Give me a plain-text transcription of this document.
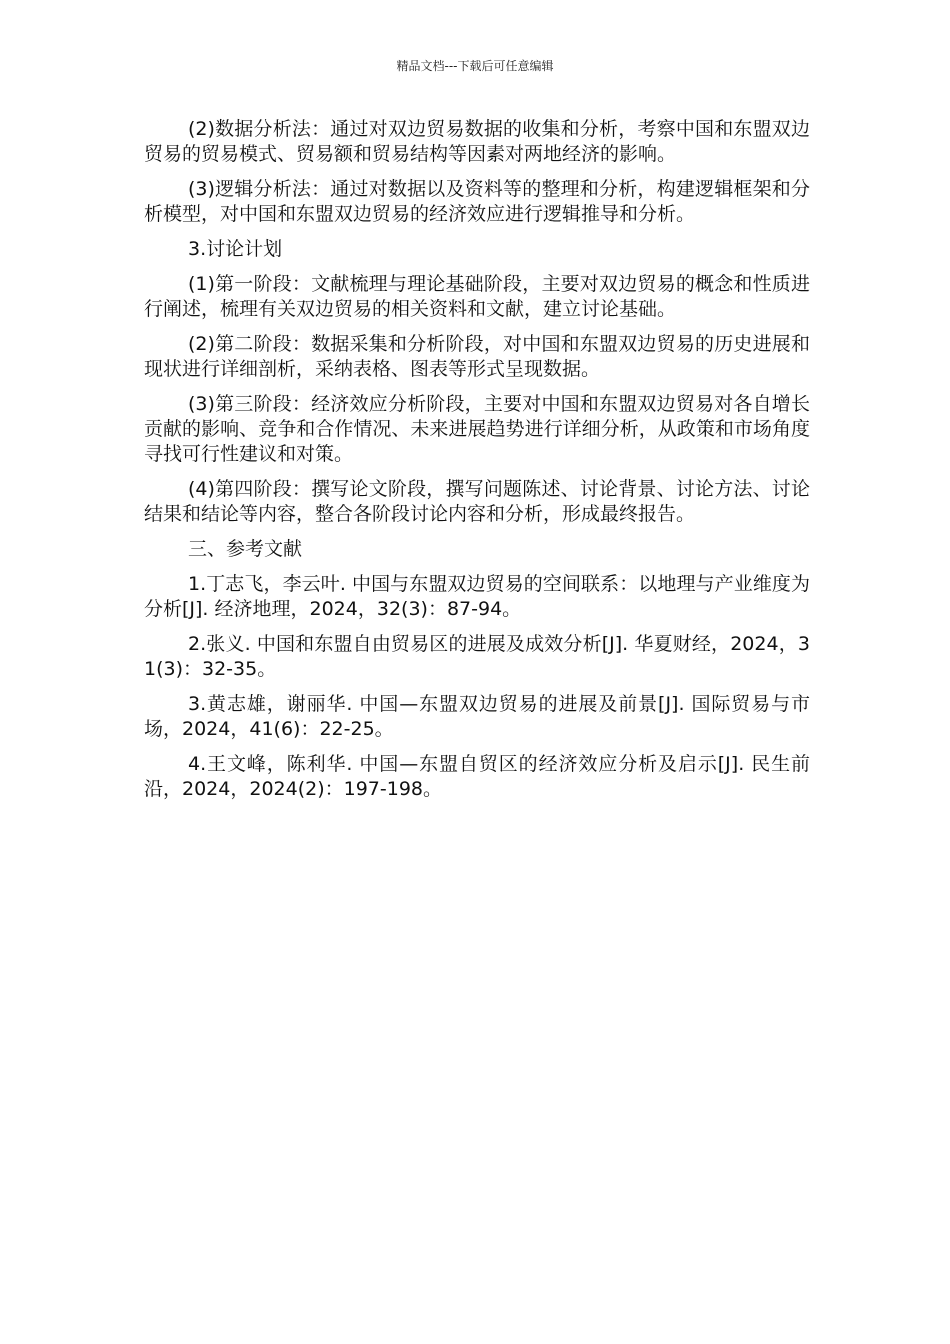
精品文档---下载后可任意编辑

(2)数据分析法：通过对双边贸易数据的收集和分析，考察中国和东盟双边贸易的贸易模式、贸易额和贸易结构等因素对两地经济的影响。

(3)逻辑分析法：通过对数据以及资料等的整理和分析，构建逻辑框架和分析模型，对中国和东盟双边贸易的经济效应进行逻辑推导和分析。

3.讨论计划

(1)第一阶段：文献梳理与理论基础阶段，主要对双边贸易的概念和性质进行阐述，梳理有关双边贸易的相关资料和文献，建立讨论基础。

(2)第二阶段：数据采集和分析阶段，对中国和东盟双边贸易的历史进展和现状进行详细剖析，采纳表格、图表等形式呈现数据。

(3)第三阶段：经济效应分析阶段，主要对中国和东盟双边贸易对各自增长贡献的影响、竞争和合作情况、未来进展趋势进行详细分析，从政策和市场角度寻找可行性建议和对策。

(4)第四阶段：撰写论文阶段，撰写问题陈述、讨论背景、讨论方法、讨论结果和结论等内容，整合各阶段讨论内容和分析，形成最终报告。

三、参考文献

1.丁志飞，李云叶. 中国与东盟双边贸易的空间联系：以地理与产业维度为分析[J]. 经济地理，2024，32(3)：87-94。

2.张义. 中国和东盟自由贸易区的进展及成效分析[J]. 华夏财经，2024，31(3)：32-35。

3.黄志雄，谢丽华. 中国—东盟双边贸易的进展及前景[J]. 国际贸易与市场，2024，41(6)：22-25。

4.王文峰，陈利华. 中国—东盟自贸区的经济效应分析及启示[J]. 民生前沿，2024，2024(2)：197-198。
